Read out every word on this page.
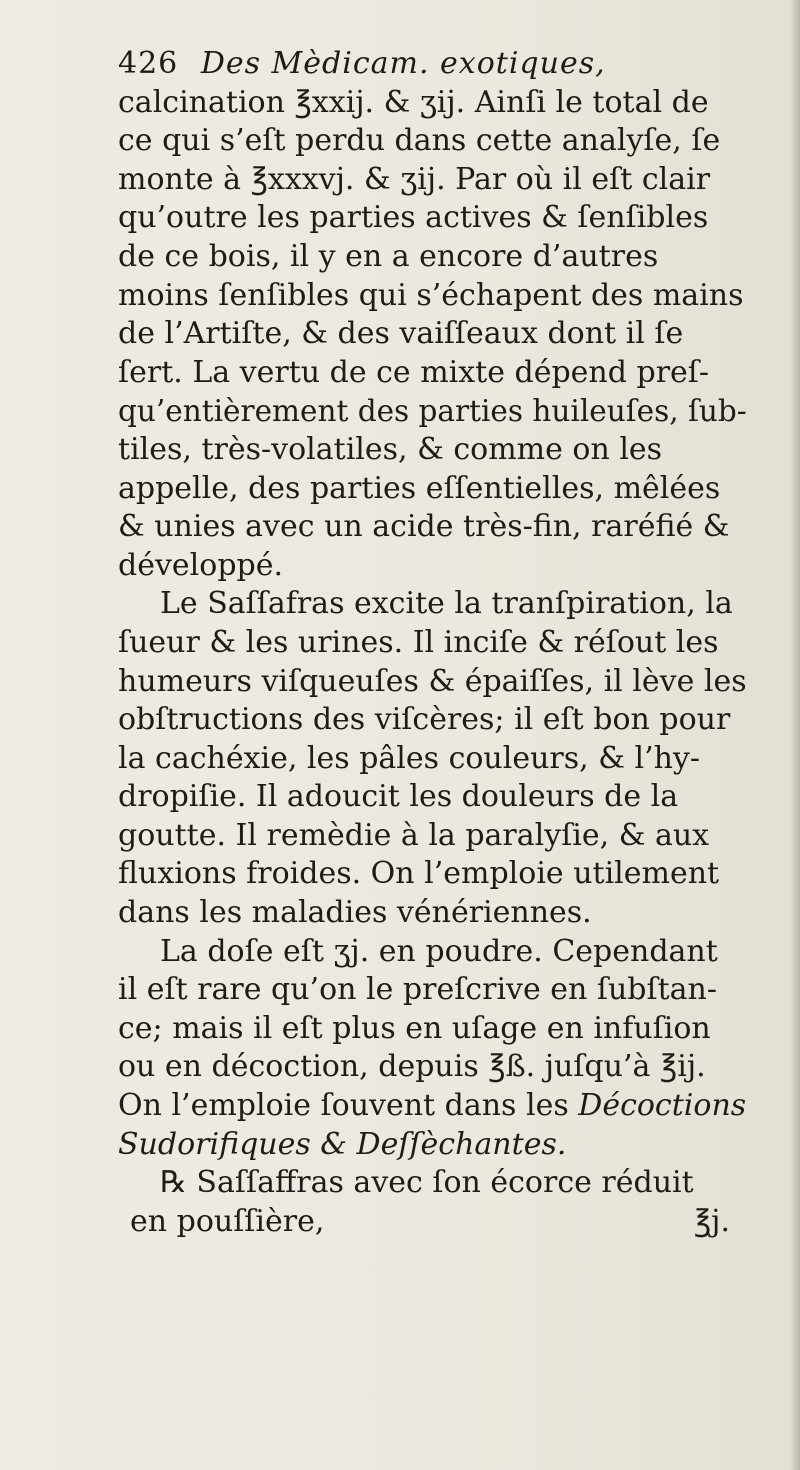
426 Des Mèdicam. exotiques,
calcination ℥xxij. & ʒij. Ainſi le total de
ce qui s’eſt perdu dans cette analyſe, ſe
monte à ℥xxxvj. & ʒij. Par où il eſt clair
qu’outre les parties actives & ſenſibles
de ce bois, il y en a encore d’autres
moins ſenſibles qui s’échapent des mains
de l’Artiſte, & des vaiſſeaux dont il ſe
ſert. La vertu de ce mixte dépend preſ-
qu’entièrement des parties huileuſes, ſub-
tiles, très-volatiles, & comme on les
appelle, des parties eſſentielles, mêlées
& unies avec un acide très-fin, raréfié &
développé.
Le Saſſafras excite la tranſpiration, la
ſueur & les urines. Il inciſe & réſout les
humeurs viſqueuſes & épaiſſes, il lève les
obſtructions des viſcères; il eſt bon pour
la cachéxie, les pâles couleurs, & l’hy-
dropiſie. Il adoucit les douleurs de la
goutte. Il remèdie à la paralyſie, & aux
fluxions froides. On l’emploie utilement
dans les maladies vénériennes.
La doſe eſt ʒj. en poudre. Cependant
il eſt rare qu’on le preſcrive en ſubſtan-
ce; mais il eſt plus en uſage en infuſion
ou en décoction, depuis ℥ß. juſqu’à ℥ij.
On l’emploie ſouvent dans les Décoctions
Sudorifiques & Deſſèchantes.
℞ Saſſaffras avec ſon écorce réduit
en pouſſière,	℥j.
